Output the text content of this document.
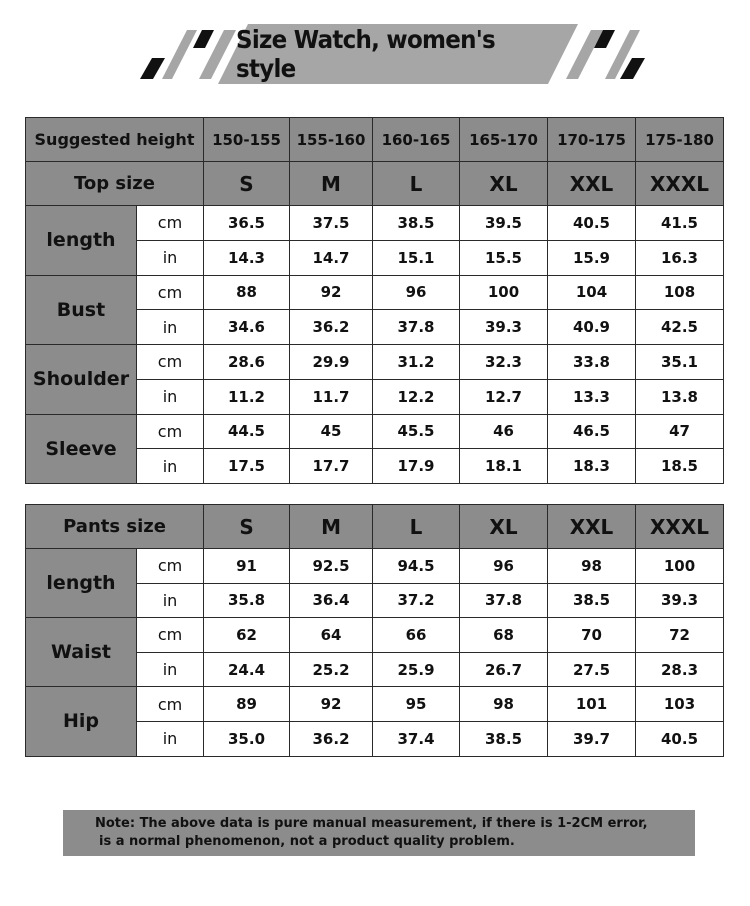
Size Watch, women's style
Suggested height		150-155	155-160	160-165	165-170	170-175	175-180
Top size		S	M	L	XL	XXL	XXXL
length	cm	36.5	37.5	38.5	39.5	40.5	41.5
	in	14.3	14.7	15.1	15.5	15.9	16.3
Bust	cm	88	92	96	100	104	108
	in	34.6	36.2	37.8	39.3	40.9	42.5
Shoulder	cm	28.6	29.9	31.2	32.3	33.8	35.1
	in	11.2	11.7	12.2	12.7	13.3	13.8
Sleeve	cm	44.5	45	45.5	46	46.5	47
	in	17.5	17.7	17.9	18.1	18.3	18.5
Pants size		S	M	L	XL	XXL	XXXL
length	cm	91	92.5	94.5	96	98	100
	in	35.8	36.4	37.2	37.8	38.5	39.3
Waist	cm	62	64	66	68	70	72
	in	24.4	25.2	25.9	26.7	27.5	28.3
Hip	cm	89	92	95	98	101	103
	in	35.0	36.2	37.4	38.5	39.7	40.5
Note: The above data is pure manual measurement, if there is 1-2CM error,
is a normal phenomenon, not a product quality problem.
